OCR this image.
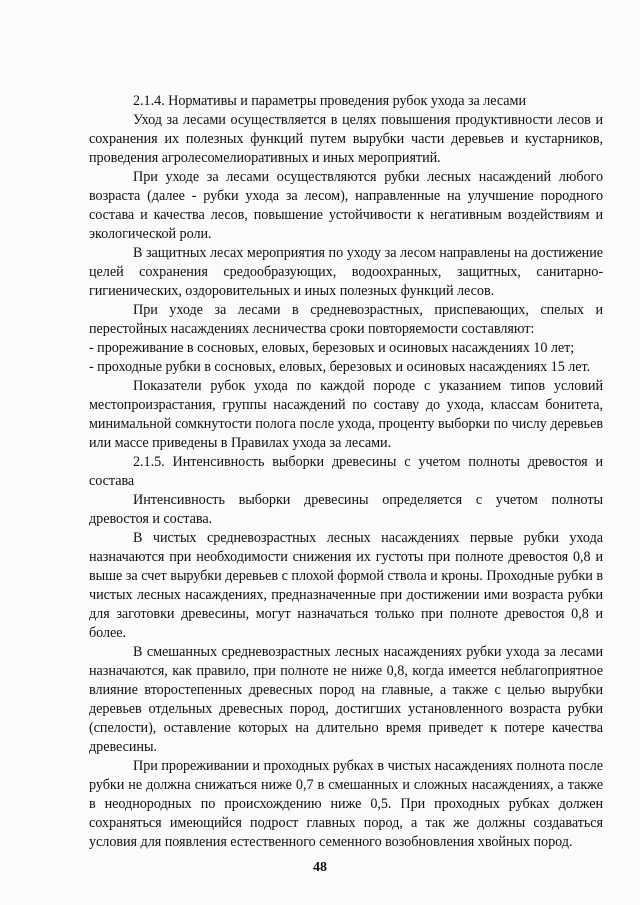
2.1.4. Нормативы и параметры проведения рубок ухода за лесами

Уход за лесами осуществляется в целях повышения продуктивности лесов и сохранения их полезных функций путем вырубки части деревьев и кустарников, проведения агролесомелиоративных и иных мероприятий.

При уходе за лесами осуществляются рубки лесных насаждений любого возраста (далее - рубки ухода за лесом), направленные на улучшение породного состава и качества лесов, повышение устойчивости к негативным воздействиям и экологической роли.

В защитных лесах мероприятия по уходу за лесом направлены на достижение целей сохранения средообразующих, водоохранных, защитных, санитарно-гигиенических, оздоровительных и иных полезных функций лесов.

При уходе за лесами в средневозрастных, приспевающих, спелых и перестойных насаждениях лесничества сроки повторяемости составляют:

- прореживание в сосновых, еловых, березовых и осиновых насаждениях 10 лет;

- проходные рубки в сосновых, еловых, березовых и осиновых насаждениях 15 лет.

Показатели рубок ухода по каждой породе с указанием типов условий местопроизрастания, группы насаждений по составу до ухода, классам бонитета, минимальной сомкнутости полога после ухода, проценту выборки по числу деревьев или массе приведены в Правилах ухода за лесами.

2.1.5. Интенсивность выборки древесины с учетом полноты древостоя и состава

Интенсивность выборки древесины определяется с учетом полноты древостоя и состава.

В чистых средневозрастных лесных насаждениях первые рубки ухода назначаются при необходимости снижения их густоты при полноте древостоя 0,8 и выше за счет вырубки деревьев с плохой формой ствола и кроны. Проходные рубки в чистых лесных насаждениях, предназначенные при достижении ими возраста рубки для заготовки древесины, могут назначаться только при полноте древостоя 0,8 и более.

В смешанных средневозрастных лесных насаждениях рубки ухода за лесами назначаются, как правило, при полноте не ниже 0,8, когда имеется неблагоприятное влияние второстепенных древесных пород на главные, а также с целью вырубки деревьев отдельных древесных пород, достигших установленного возраста рубки (спелости), оставление которых на длительно время приведет к потере качества древесины.

При прореживании и проходных рубках в чистых насаждениях полнота после рубки не должна снижаться ниже 0,7 в смешанных и сложных насаждениях, а также в неоднородных по происхождению ниже 0,5. При проходных рубках должен сохраняться имеющийся подрост главных пород, а так же должны создаваться условия для появления естественного семенного возобновления хвойных пород.

48
